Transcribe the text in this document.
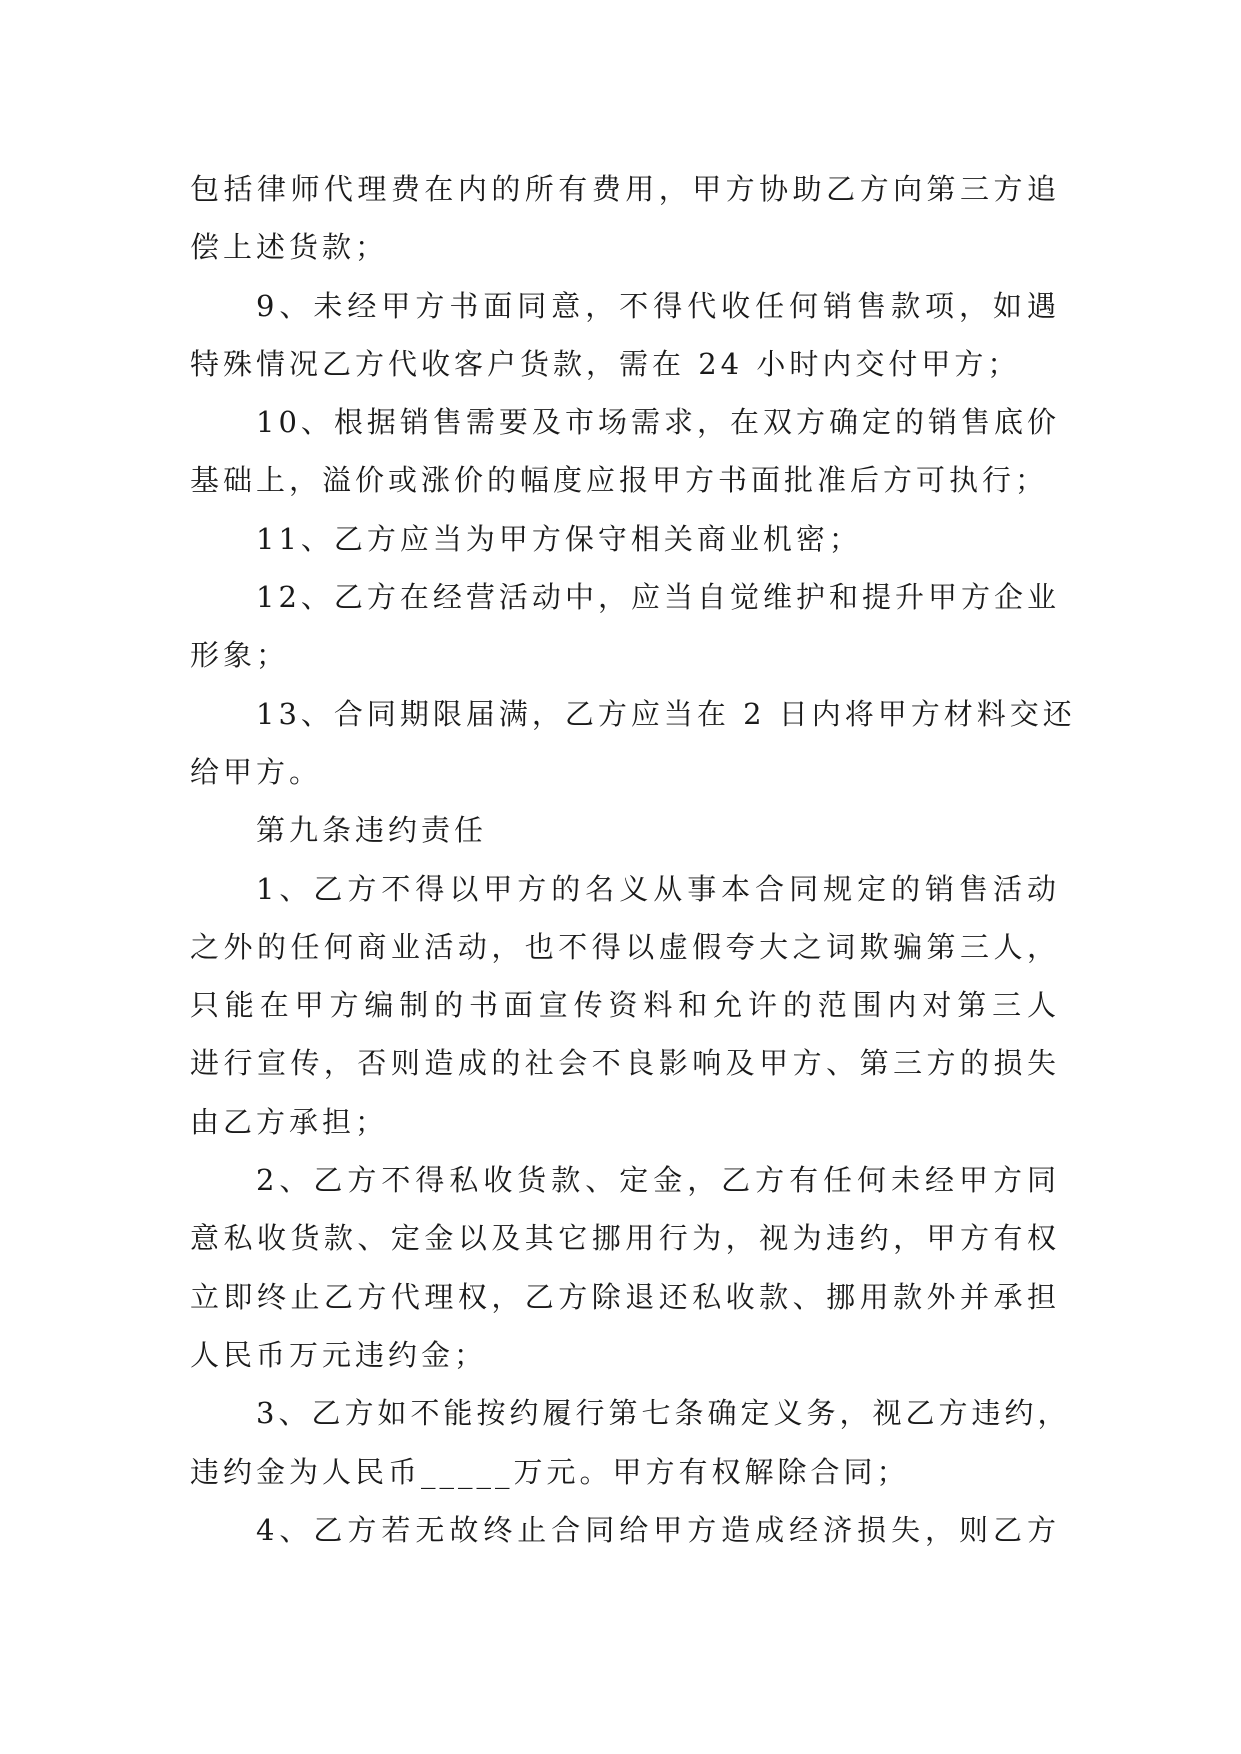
包括律师代理费在内的所有费用，甲方协助乙方向第三方追
偿上述货款；
9、未经甲方书面同意，不得代收任何销售款项，如遇
特殊情况乙方代收客户货款，需在 24 小时内交付甲方；
10、根据销售需要及市场需求，在双方确定的销售底价
基础上，溢价或涨价的幅度应报甲方书面批准后方可执行；
11、乙方应当为甲方保守相关商业机密；
12、乙方在经营活动中，应当自觉维护和提升甲方企业
形象；
13、合同期限届满，乙方应当在 2 日内将甲方材料交还
给甲方。
第九条违约责任
1、乙方不得以甲方的名义从事本合同规定的销售活动
之外的任何商业活动，也不得以虚假夸大之词欺骗第三人，
只能在甲方编制的书面宣传资料和允许的范围内对第三人
进行宣传，否则造成的社会不良影响及甲方、第三方的损失
由乙方承担；
2、乙方不得私收货款、定金，乙方有任何未经甲方同
意私收货款、定金以及其它挪用行为，视为违约，甲方有权
立即终止乙方代理权，乙方除退还私收款、挪用款外并承担
人民币万元违约金；
3、乙方如不能按约履行第七条确定义务，视乙方违约，
违约金为人民币_____万元。甲方有权解除合同；
4、乙方若无故终止合同给甲方造成经济损失，则乙方
